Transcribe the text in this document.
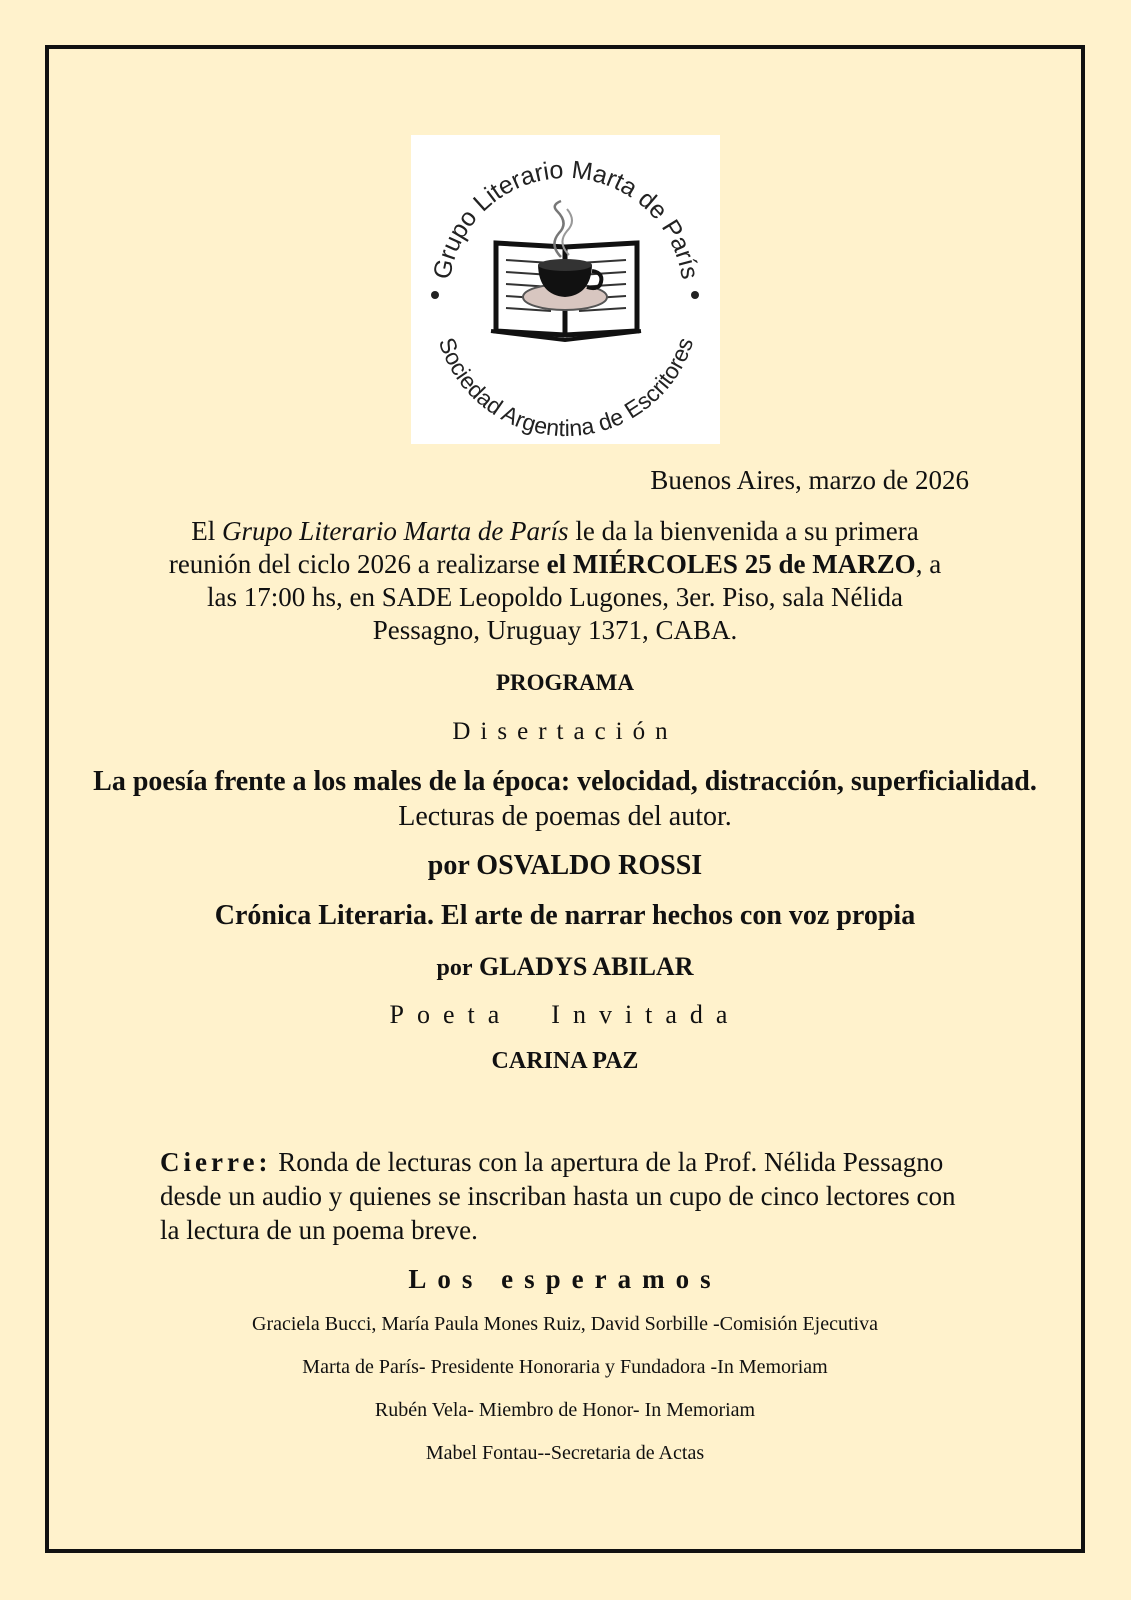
Grupo Literario Marta de París
Sociedad Argentina de Escritores
Buenos Aires, marzo de 2026
El Grupo Literario Marta de París le da la bienvenida a su primera reunión del ciclo 2026 a realizarse el MIÉRCOLES 25 de MARZO, a las 17:00 hs, en SADE Leopoldo Lugones, 3er. Piso, sala Nélida Pessagno, Uruguay 1371, CABA.
PROGRAMA
Disertación
La poesía frente a los males de la época: velocidad, distracción, superficialidad. Lecturas de poemas del autor.
por OSVALDO ROSSI
Crónica Literaria. El arte de narrar hechos con voz propia
por GLADYS ABILAR
Poeta  Invitada
CARINA PAZ
Cierre: Ronda de lecturas con la apertura de la Prof. Nélida Pessagno desde un audio y quienes se inscriban hasta un cupo de cinco lectores con la lectura de un poema breve.
Los esperamos

Graciela Bucci, María Paula Mones Ruiz, David Sorbille -Comisión Ejecutiva

Marta de París- Presidente Honoraria y Fundadora -In Memoriam

Rubén Vela- Miembro de Honor- In Memoriam

Mabel Fontau--Secretaria de Actas
